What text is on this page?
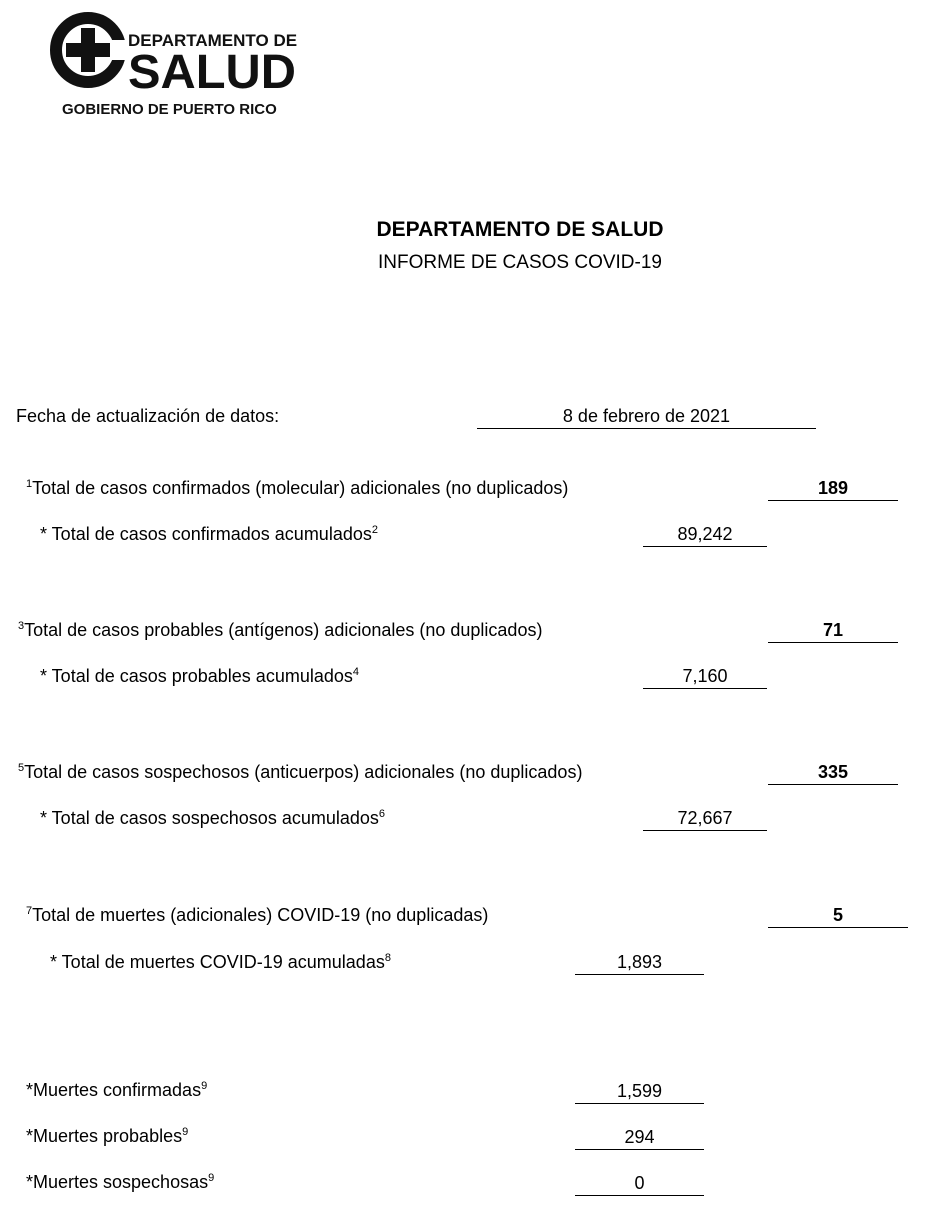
DEPARTAMENTO DE
SALUD
GOBIERNO DE PUERTO RICO
DEPARTAMENTO DE SALUD
INFORME DE CASOS COVID-19
Fecha de actualización de datos:	8 de febrero de 2021
$^1$Total de casos confirmados (molecular) adicionales (no duplicados)	189
* Total de casos confirmados acumulados$^2$	89,242
$^3$Total de casos probables (antígenos) adicionales (no duplicados)	71
* Total de casos probables acumulados$^4$	7,160
$^5$Total de casos sospechosos (anticuerpos) adicionales (no duplicados)	335
* Total de casos sospechosos acumulados$^6$	72,667
$^7$Total de muertes (adicionales) COVID-19 (no duplicadas)	5
* Total de muertes COVID-19 acumuladas$^8$	1,893
*Muertes confirmadas$^9$	1,599
*Muertes probables$^9$	294
*Muertes sospechosas$^9$	0
